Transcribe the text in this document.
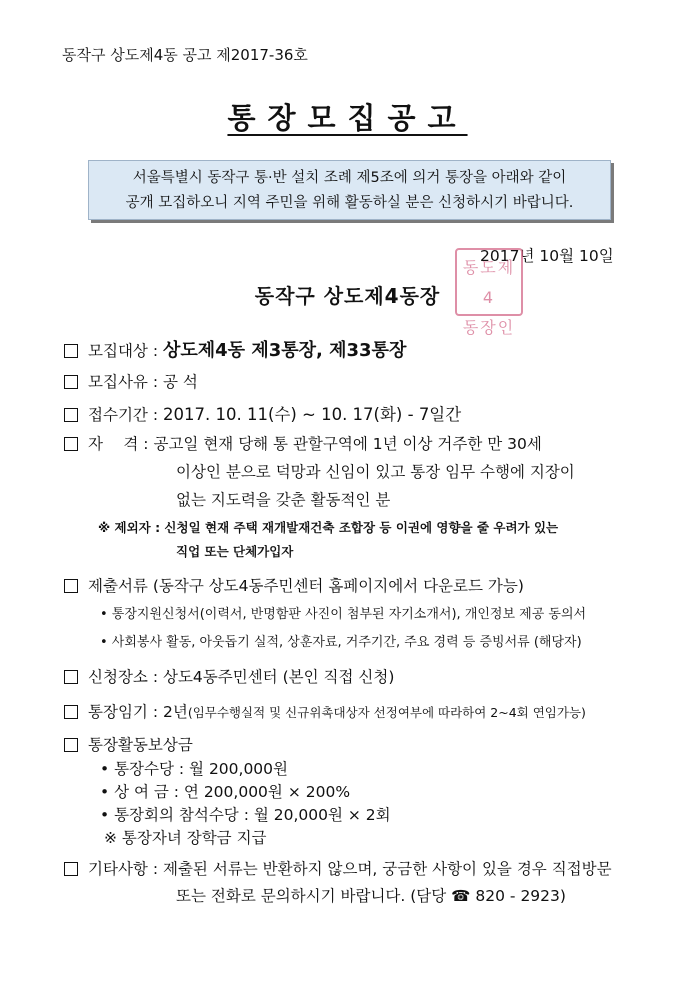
동작구 상도제4동 공고 제2017-36호
통장모집공고
서울특별시 동작구 통·반 설치 조례 제5조에 의거 통장을 아래와 같이
공개 모집하오니 지역 주민을 위해 활동하실 분은 신청하시기 바랍니다.
2017년 10월 10일
동도제4
동장인
동작구 상도제4동장
모집대상 : 상도제4동 제3통장, 제33통장
모집사유 : 공 석
접수기간 : 2017. 10. 11(수) ~ 10. 17(화) - 7일간
자　 격 : 공고일 현재 당해 통 관할구역에 1년 이상 거주한 만 30세
이상인 분으로 덕망과 신임이 있고 통장 임무 수행에 지장이
없는 지도력을 갖춘 활동적인 분
※ 제외자 : 신청일 현재 주택 재개발재건축 조합장 등 이권에 영향을 줄 우려가 있는
직업 또는 단체가입자
제출서류 (동작구 상도4동주민센터 홈페이지에서 다운로드 가능)
• 통장지원신청서(이력서, 반명함판 사진이 첨부된 자기소개서), 개인정보 제공 동의서
• 사회봉사 활동, 아웃돕기 실적, 상훈자료, 거주기간, 주요 경력 등 증빙서류 (해당자)
신청장소 : 상도4동주민센터 (본인 직접 신청)
통장임기 : 2년(임무수행실적 및 신규위촉대상자 선정여부에 따라하여 2~4회 연임가능)
통장활동보상금
• 통장수당 : 월 200,000원
• 상 여 금 : 연 200,000원 × 200%
• 통장회의 참석수당 : 월 20,000원 × 2회
※ 통장자녀 장학금 지급
기타사항 : 제출된 서류는 반환하지 않으며, 궁금한 사항이 있을 경우 직접방문
또는 전화로 문의하시기 바랍니다. (담당 ☎ 820 - 2923)
